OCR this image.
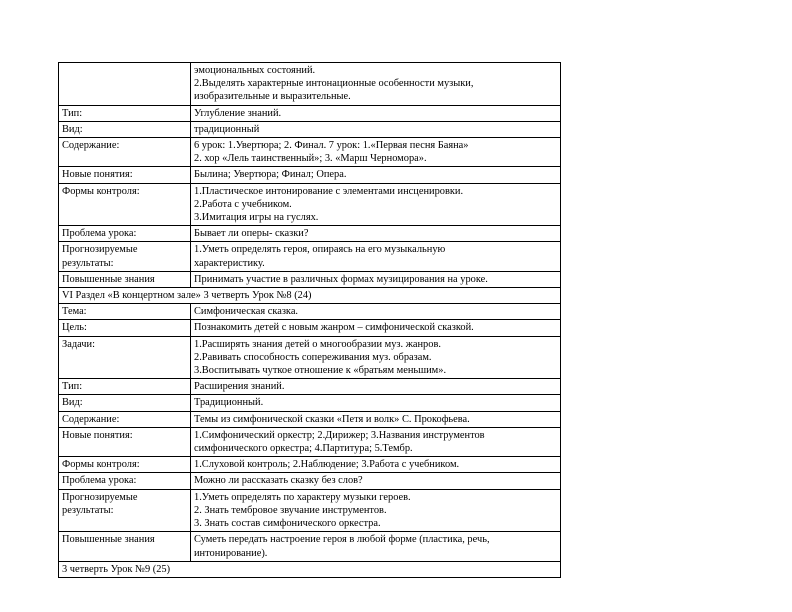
	эмоциональных состояний.
2.Выделять характерные интонационные особенности музыки,
изобразительные и выразительные.

Тип:	Углубление знаний.

Вид:	традиционный

Содержание:	6 урок: 1.Увертюра; 2. Финал. 7 урок: 1.«Первая песня Баяна»
2. хор «Лель таинственный»; 3. «Марш Черномора».

Новые понятия:	Былина; Увертюра; Финал; Опера.

Формы контроля:	1.Пластическое интонирование с элементами инсценировки.
2.Работа с учебником.
3.Имитация игры на гуслях.

Проблема урока:	Бывает ли оперы- сказки?

Прогнозируемые результаты:	1.Уметь определять героя, опираясь на его музыкальную
характеристику.

Повышенные знания	Принимать участие в различных формах музицирования на уроке.

VI Раздел «В концертном зале» 3 четверть Урок №8 (24)	
Тема:	Симфоническая сказка.

Цель:	Познакомить детей с новым жанром – симфонической сказкой.

Задачи:	1.Расширять знания детей о многообразии муз. жанров.
2.Равивать способность сопереживания муз. образам.
3.Воспитывать чуткое отношение к «братьям меньшим».

Тип:	Расширения знаний.

Вид:	Традиционный.

Содержание:	Темы из симфонической сказки «Петя и волк» С. Прокофьева.

Новые понятия:	1.Симфонический оркестр; 2.Дирижер; 3.Названия инструментов
симфонического оркестра; 4.Партитура; 5.Тембр.

Формы контроля:	1.Слуховой контроль; 2.Наблюдение; 3.Работа с учебником.

Проблема урока:	Можно ли рассказать сказку без слов?

Прогнозируемые результаты:	1.Уметь определять по характеру музыки героев.
2. Знать тембровое звучание инструментов.
3. Знать состав симфонического оркестра.

Повышенные знания	Суметь передать настроение героя в любой форме (пластика, речь,
интонирование).

3 четверть Урок №9 (25)	
